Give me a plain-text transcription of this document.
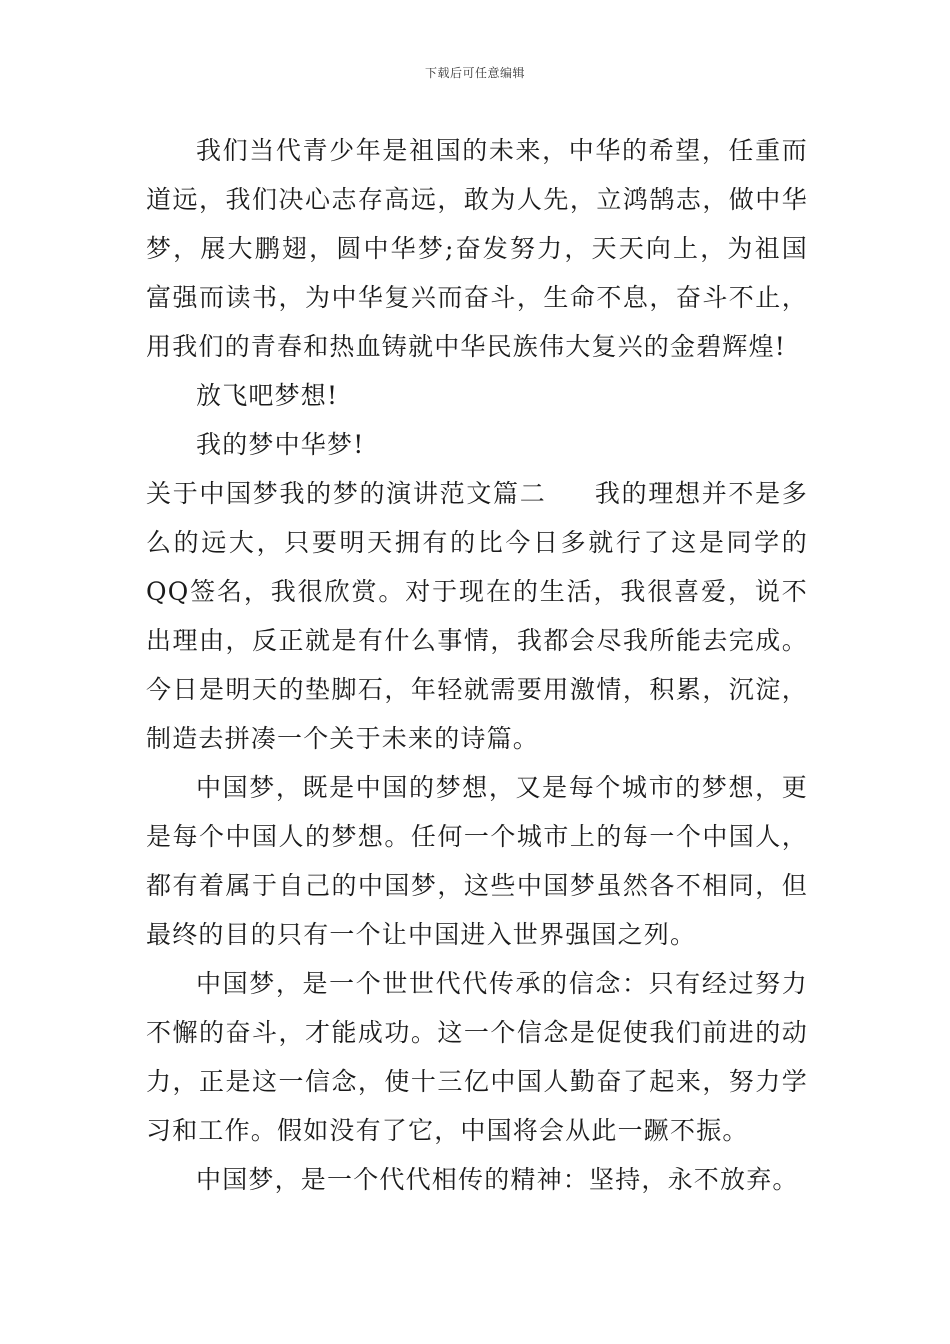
下载后可任意编辑

我们当代青少年是祖国的未来，中华的希望，任重而道远，我们决心志存高远，敢为人先，立鸿鹄志，做中华梦，展大鹏翅，圆中华梦;奋发努力，天天向上，为祖国富强而读书，为中华复兴而奋斗，生命不息，奋斗不止，用我们的青春和热血铸就中华民族伟大复兴的金碧辉煌!

放飞吧梦想!

我的梦中华梦!

关于中国梦我的梦的演讲范文篇二 我的理想并不是多么的远大，只要明天拥有的比今日多就行了这是同学的QQ签名，我很欣赏。对于现在的生活，我很喜爱，说不出理由，反正就是有什么事情，我都会尽我所能去完成。今日是明天的垫脚石，年轻就需要用激情，积累，沉淀，制造去拼凑一个关于未来的诗篇。

中国梦，既是中国的梦想，又是每个城市的梦想，更是每个中国人的梦想。任何一个城市上的每一个中国人，都有着属于自己的中国梦，这些中国梦虽然各不相同，但最终的目的只有一个让中国进入世界强国之列。

中国梦，是一个世世代代传承的信念：只有经过努力不懈的奋斗，才能成功。这一个信念是促使我们前进的动力，正是这一信念，使十三亿中国人勤奋了起来，努力学习和工作。假如没有了它，中国将会从此一蹶不振。

中国梦，是一个代代相传的精神：坚持，永不放弃。
